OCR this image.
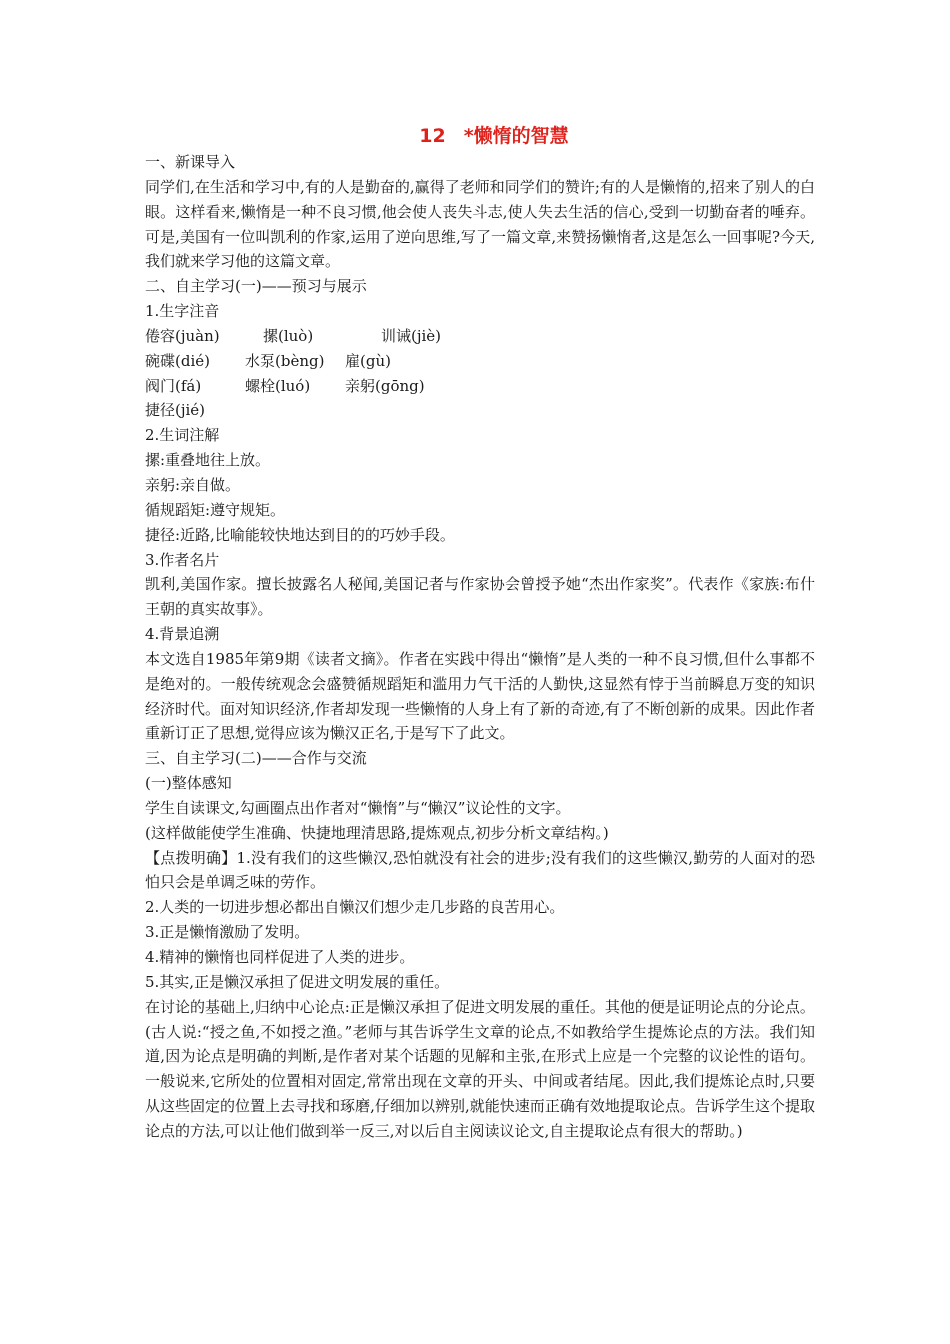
12 *懒惰的智慧
一、新课导入
同学们,在生活和学习中,有的人是勤奋的,赢得了老师和同学们的赞许;有的人是懒惰的,招来了别人的白眼。这样看来,懒惰是一种不良习惯,他会使人丧失斗志,使人失去生活的信心,受到一切勤奋者的唾弃。可是,美国有一位叫凯利的作家,运用了逆向思维,写了一篇文章,来赞扬懒惰者,这是怎么一回事呢?今天,我们就来学习他的这篇文章。
二、自主学习(一)——预习与展示
1.生字注音
倦容(juàn)	摞(luò)	训诫(jiè)
碗碟(dié) 水泵(bèng) 雇(gù)
阀门(fá)	螺栓(luó) 亲躬(gōng)
捷径(jié)
2.生词注解
摞:重叠地往上放。
亲躬:亲自做。
循规蹈矩:遵守规矩。
捷径:近路,比喻能较快地达到目的的巧妙手段。
3.作者名片
凯利,美国作家。擅长披露名人秘闻,美国记者与作家协会曾授予她“杰出作家奖”。代表作《家族:布什王朝的真实故事》。
4.背景追溯
本文选自1985年第9期《读者文摘》。作者在实践中得出“懒惰”是人类的一种不良习惯,但什么事都不是绝对的。一般传统观念会盛赞循规蹈矩和滥用力气干活的人勤快,这显然有悖于当前瞬息万变的知识经济时代。面对知识经济,作者却发现一些懒惰的人身上有了新的奇迹,有了不断创新的成果。因此作者重新订正了思想,觉得应该为懒汉正名,于是写下了此文。
三、自主学习(二)——合作与交流
(一)整体感知
学生自读课文,勾画圈点出作者对“懒惰”与“懒汉”议论性的文字。
(这样做能使学生准确、快捷地理清思路,提炼观点,初步分析文章结构。)
【点拨明确】1.没有我们的这些懒汉,恐怕就没有社会的进步;没有我们的这些懒汉,勤劳的人面对的恐怕只会是单调乏味的劳作。
2.人类的一切进步想必都出自懒汉们想少走几步路的良苦用心。
3.正是懒惰激励了发明。
4.精神的懒惰也同样促进了人类的进步。
5.其实,正是懒汉承担了促进文明发展的重任。
在讨论的基础上,归纳中心论点:正是懒汉承担了促进文明发展的重任。其他的便是证明论点的分论点。
(古人说:“授之鱼,不如授之渔。”老师与其告诉学生文章的论点,不如教给学生提炼论点的方法。我们知道,因为论点是明确的判断,是作者对某个话题的见解和主张,在形式上应是一个完整的议论性的语句。一般说来,它所处的位置相对固定,常常出现在文章的开头、中间或者结尾。因此,我们提炼论点时,只要从这些固定的位置上去寻找和琢磨,仔细加以辨别,就能快速而正确有效地提取论点。告诉学生这个提取论点的方法,可以让他们做到举一反三,对以后自主阅读议论文,自主提取论点有很大的帮助。)
